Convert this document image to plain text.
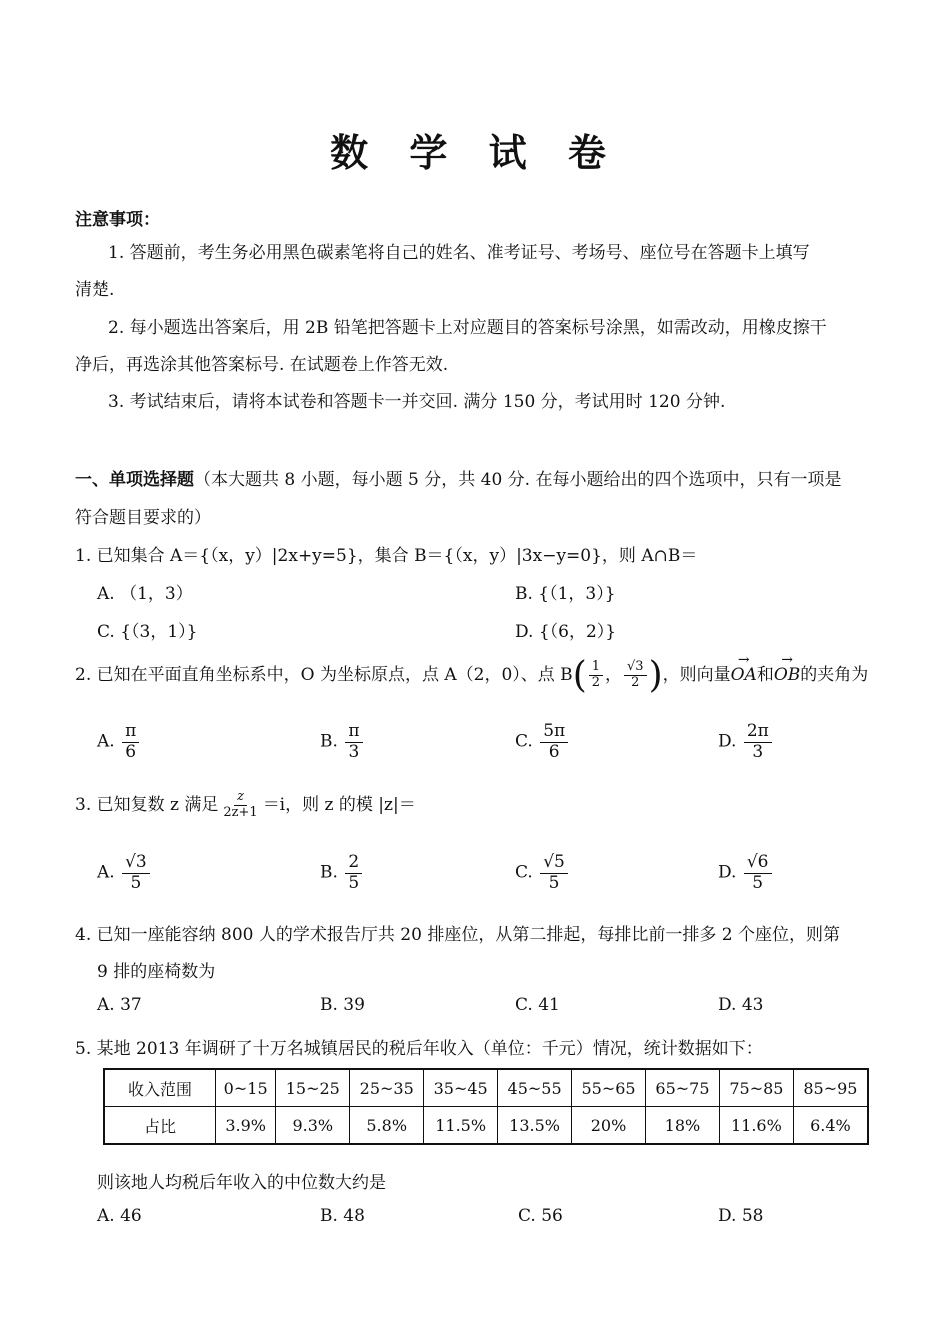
数 学 试 卷
注意事项：
1. 答题前，考生务必用黑色碳素笔将自己的姓名、准考证号、考场号、座位号在答题卡上填写
清楚.
2. 每小题选出答案后，用 2B 铅笔把答题卡上对应题目的答案标号涂黑，如需改动，用橡皮擦干
净后，再选涂其他答案标号. 在试题卷上作答无效.
3. 考试结束后，请将本试卷和答题卡一并交回. 满分 150 分，考试用时 120 分钟.
一、单项选择题（本大题共 8 小题，每小题 5 分，共 40 分. 在每小题给出的四个选项中，只有一项是
符合题目要求的）
1. 已知集合 A＝{（x，y）|2x+y=5}，集合 B＝{（x，y）|3x−y=0}，则 A∩B＝
A. （1，3）	B. {（1，3）}
C. {（3，1）}	D. {（6，2）}
2. 已知在平面直角坐标系中，O 为坐标原点，点 A（2，0）、点 $B( \frac{1}{2}$ ， $\frac{√3}{2}$ )，则向量→ OA和→ OB的夹角为
A. $\frac{\pi}{6}$	B. $\frac{\pi}{3}$	C. $\frac{5\pi}{6}$	D. $\frac{2\pi}{3}$
3. 已知复数 z 满足 $\frac{z}{2z+1} =i$，则 z 的模 |z|＝
A. $\frac{√3}{5}$	B. $\frac{2}{5}$	C. $\frac{√5}{5}$	D. $\frac{√6}{5}$
4. 已知一座能容纳 800 人的学术报告厅共 20 排座位，从第二排起，每排比前一排多 2 个座位，则第
9 排的座椅数为
A. 37	B. 39	C. 41	D. 43
5. 某地 2013 年调研了十万名城镇居民的税后年收入（单位：千元）情况，统计数据如下：
收入范围	0~15	15~25	25~35	35~45	45~55	55~65	65~75	75~85	85~95
占比	3.9%	9.3%	5.8%	11.5%	13.5%	20%	18%	11.6%	6.4%
则该地人均税后年收入的中位数大约是
A. 46	B. 48	C. 56	D. 58
